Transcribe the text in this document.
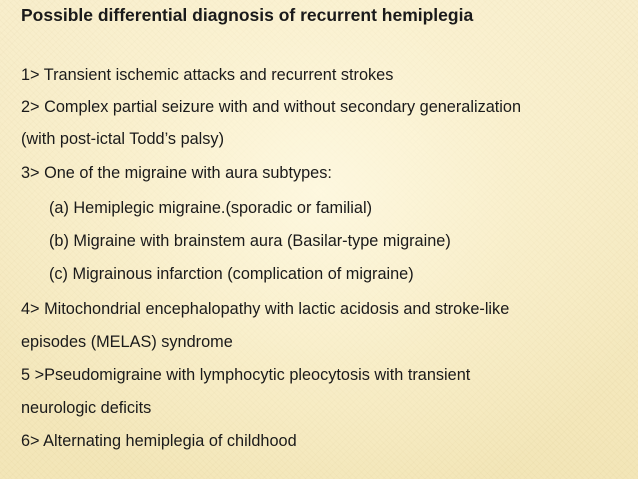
Possible differential diagnosis of recurrent hemiplegia
1> Transient ischemic attacks and recurrent strokes
2> Complex partial seizure with and without secondary generalization
(with post-ictal Todd’s palsy)
3> One of the migraine with aura subtypes:
(a) Hemiplegic migraine.(sporadic or familial)
(b) Migraine with brainstem aura (Basilar-type migraine)
(c) Migrainous infarction (complication of migraine)
4> Mitochondrial encephalopathy with lactic acidosis and stroke-like
episodes (MELAS) syndrome
5 >Pseudomigraine with lymphocytic pleocytosis with transient
neurologic deficits
6> Alternating hemiplegia of childhood
